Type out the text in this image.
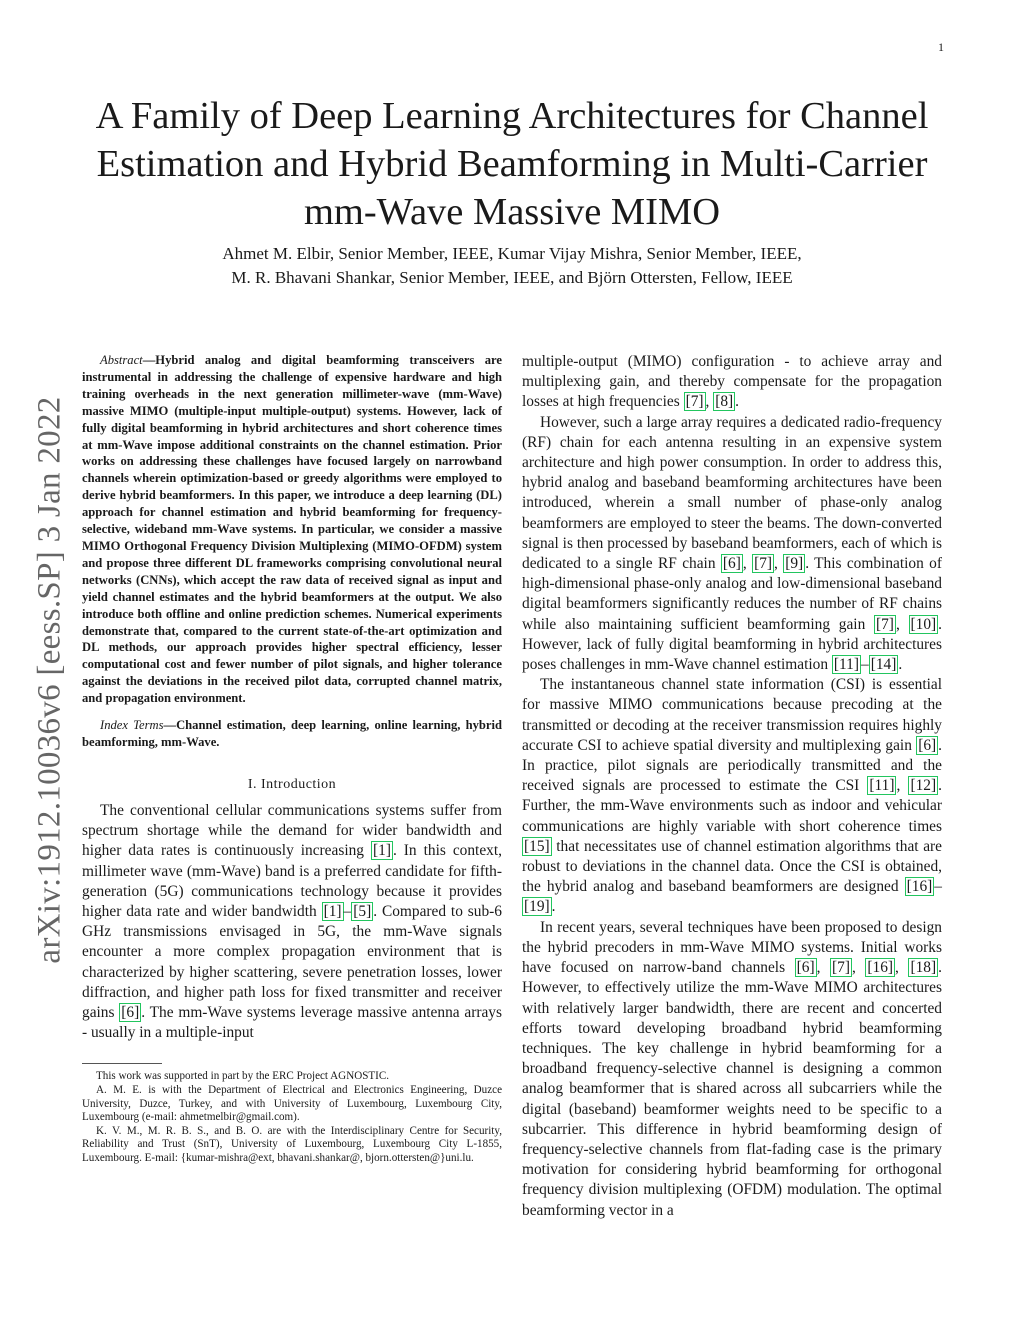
1
A Family of Deep Learning Architectures for Channel Estimation and Hybrid Beamforming in Multi-Carrier mm-Wave Massive MIMO

Ahmet M. Elbir, Senior Member, IEEE, Kumar Vijay Mishra, Senior Member, IEEE,

M. R. Bhavani Shankar, Senior Member, IEEE, and Björn Ottersten, Fellow, IEEE

arXiv:1912.10036v6 [eess.SP] 3 Jan 2022

Abstract—Hybrid analog and digital beamforming transceivers are instrumental in addressing the challenge of expensive hardware and high training overheads in the next generation millimeter-wave (mm-Wave) massive MIMO (multiple-input multiple-output) systems. However, lack of fully digital beamforming in hybrid architectures and short coherence times at mm-Wave impose additional constraints on the channel estimation. Prior works on addressing these challenges have focused largely on narrowband channels wherein optimization-based or greedy algorithms were employed to derive hybrid beamformers. In this paper, we introduce a deep learning (DL) approach for channel estimation and hybrid beamforming for frequency-selective, wideband mm-Wave systems. In particular, we consider a massive MIMO Orthogonal Frequency Division Multiplexing (MIMO-OFDM) system and propose three different DL frameworks comprising convolutional neural networks (CNNs), which accept the raw data of received signal as input and yield channel estimates and the hybrid beamformers at the output. We also introduce both offline and online prediction schemes. Numerical experiments demonstrate that, compared to the current state-of-the-art optimization and DL methods, our approach provides higher spectral efficiency, lesser computational cost and fewer number of pilot signals, and higher tolerance against the deviations in the received pilot data, corrupted channel matrix, and propagation environment.

Index Terms—Channel estimation, deep learning, online learning, hybrid beamforming, mm-Wave.

I. Introduction

The conventional cellular communications systems suffer from spectrum shortage while the demand for wider bandwidth and higher data rates is continuously increasing [1] . In this context, millimeter wave (mm-Wave) band is a preferred candidate for fifth-generation (5G) communications technology because it provides higher data rate and wider bandwidth [1] – [5] . Compared to sub-6 GHz transmissions envisaged in 5G, the mm-Wave signals encounter a more complex propagation environment that is characterized by higher scattering, severe penetration losses, lower diffraction, and higher path loss for fixed transmitter and receiver gains [6] . The mm-Wave systems leverage massive antenna arrays - usually in a multiple-input

This work was supported in part by the ERC Project AGNOSTIC.

A. M. E. is with the Department of Electrical and Electronics Engineering, Duzce University, Duzce, Turkey, and with University of Luxembourg, Luxembourg City, Luxembourg (e-mail: ahmetmelbir@gmail.com).

K. V. M., M. R. B. S., and B. O. are with the Interdisciplinary Centre for Security, Reliability and Trust (SnT), University of Luxembourg, Luxembourg City L-1855, Luxembourg. E-mail: {kumar-mishra@ext, bhavani.shankar@, bjorn.ottersten@}uni.lu.

multiple-output (MIMO) configuration - to achieve array and multiplexing gain, and thereby compensate for the propagation losses at high frequencies [7] , [8] .

However, such a large array requires a dedicated radio-frequency (RF) chain for each antenna resulting in an expensive system architecture and high power consumption. In order to address this, hybrid analog and baseband beamforming architectures have been introduced, wherein a small number of phase-only analog beamformers are employed to steer the beams. The down-converted signal is then processed by baseband beamformers, each of which is dedicated to a single RF chain [6] , [7] , [9] . This combination of high-dimensional phase-only analog and low-dimensional baseband digital beamformers significantly reduces the number of RF chains while also maintaining sufficient beamforming gain [7] , [10] . However, lack of fully digital beamforming in hybrid architectures poses challenges in mm-Wave channel estimation [11] – [14] .

The instantaneous channel state information (CSI) is essential for massive MIMO communications because precoding at the transmitted or decoding at the receiver transmission requires highly accurate CSI to achieve spatial diversity and multiplexing gain [6] . In practice, pilot signals are periodically transmitted and the received signals are processed to estimate the CSI [11] , [12] . Further, the mm-Wave environments such as indoor and vehicular communications are highly variable with short coherence times [15] that necessitates use of channel estimation algorithms that are robust to deviations in the channel data. Once the CSI is obtained, the hybrid analog and baseband beamformers are designed [16] –[19] .

In recent years, several techniques have been proposed to design the hybrid precoders in mm-Wave MIMO systems. Initial works have focused on narrow-band channels [6] , [7] , [16] , [18] . However, to effectively utilize the mm-Wave MIMO architectures with relatively larger bandwidth, there are recent and concerted efforts toward developing broadband hybrid beamforming techniques. The key challenge in hybrid beamforming for a broadband frequency-selective channel is designing a common analog beamformer that is shared across all subcarriers while the digital (baseband) beamformer weights need to be specific to a subcarrier. This difference in hybrid beamforming design of frequency-selective channels from flat-fading case is the primary motivation for considering hybrid beamforming for orthogonal frequency division multiplexing (OFDM) modulation. The optimal beamforming vector in a
